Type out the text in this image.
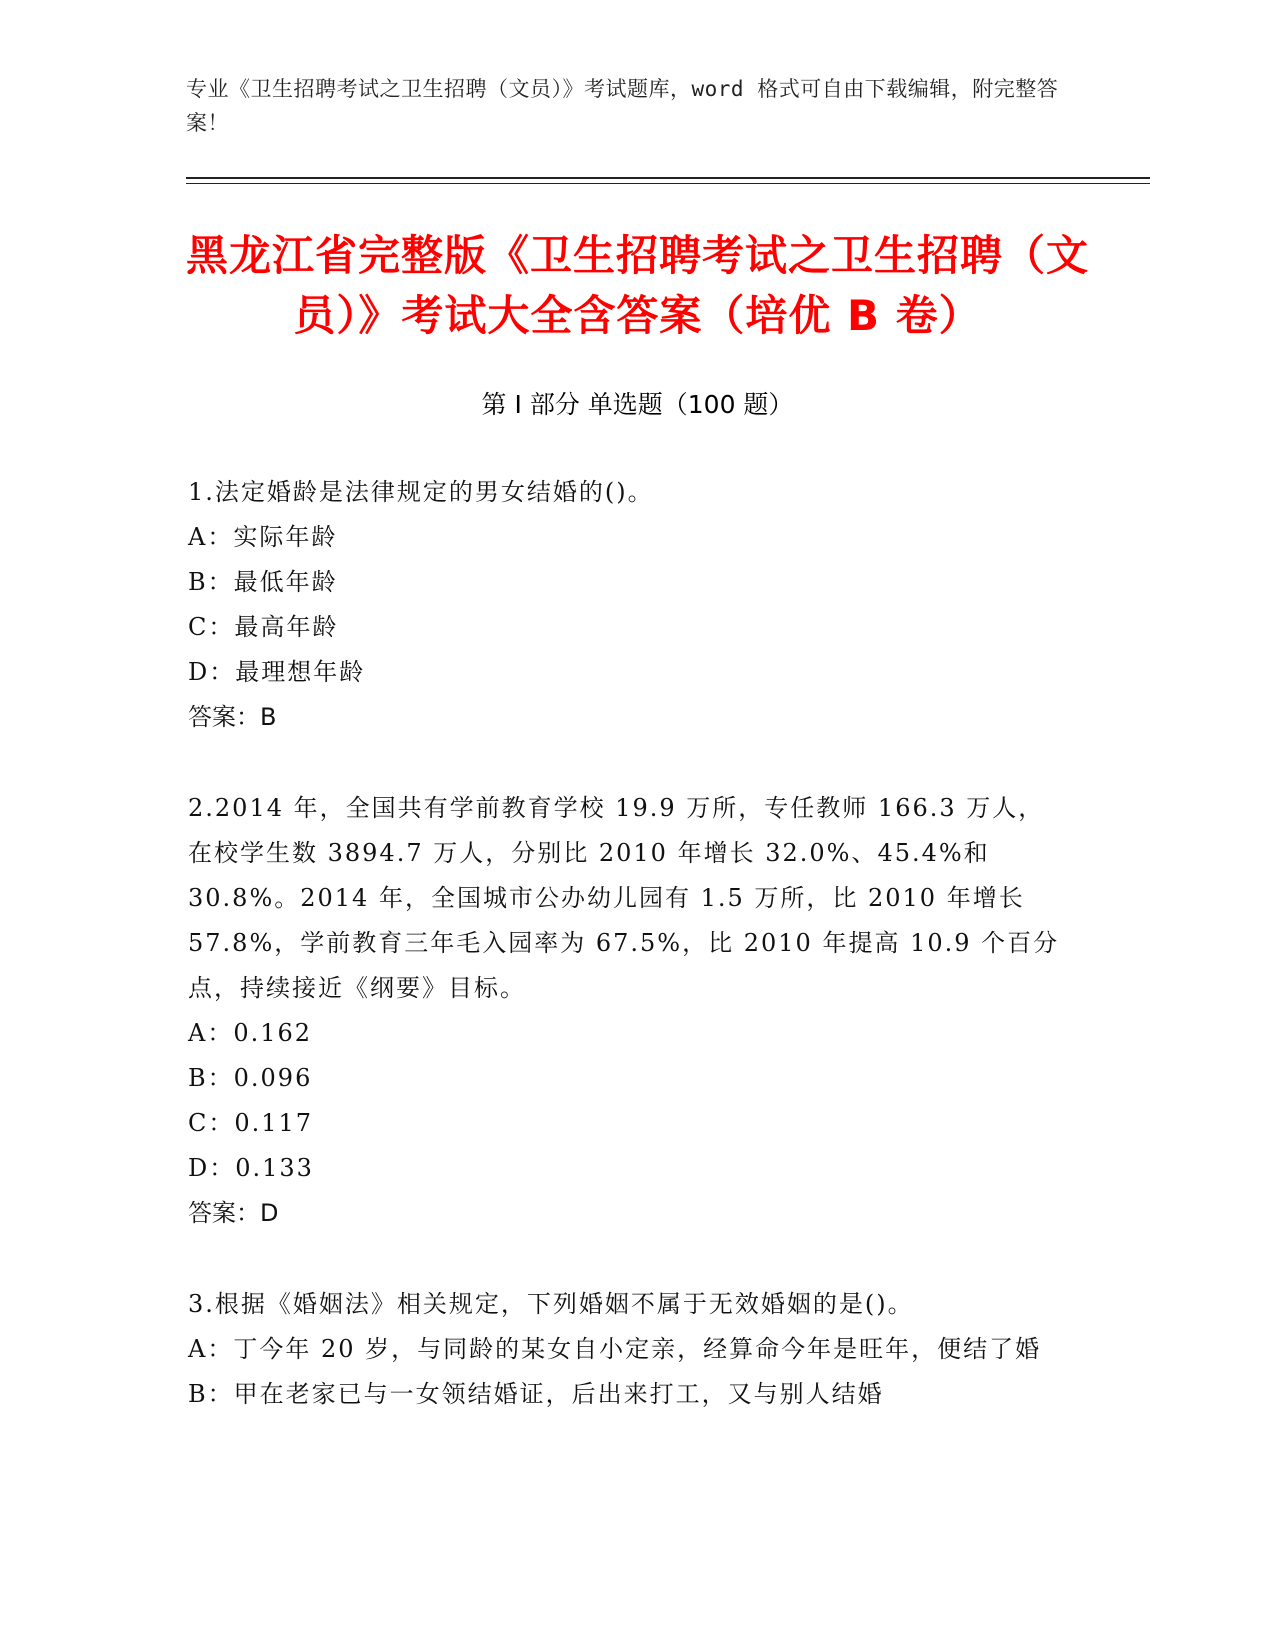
专业《卫生招聘考试之卫生招聘（文员）》考试题库，word 格式可自由下载编辑，附完整答案！
黑龙江省完整版《卫生招聘考试之卫生招聘（文员）》考试大全含答案（培优 B 卷）
第 I 部分 单选题（100 题）
1.法定婚龄是法律规定的男女结婚的()。
A：实际年龄
B：最低年龄
C：最高年龄
D：最理想年龄
答案：B
2.2014 年，全国共有学前教育学校 19.9 万所，专任教师 166.3 万人，在校学生数 3894.7 万人，分别比 2010 年增长 32.0%、45.4%和 30.8%。2014 年，全国城市公办幼儿园有 1.5 万所，比 2010 年增长 57.8%，学前教育三年毛入园率为 67.5%，比 2010 年提高 10.9 个百分点，持续接近《纲要》目标。
A：0.162
B：0.096
C：0.117
D：0.133
答案：D
3.根据《婚姻法》相关规定，下列婚姻不属于无效婚姻的是()。
A：丁今年 20 岁，与同龄的某女自小定亲，经算命今年是旺年，便结了婚
B：甲在老家已与一女领结婚证，后出来打工，又与别人结婚
